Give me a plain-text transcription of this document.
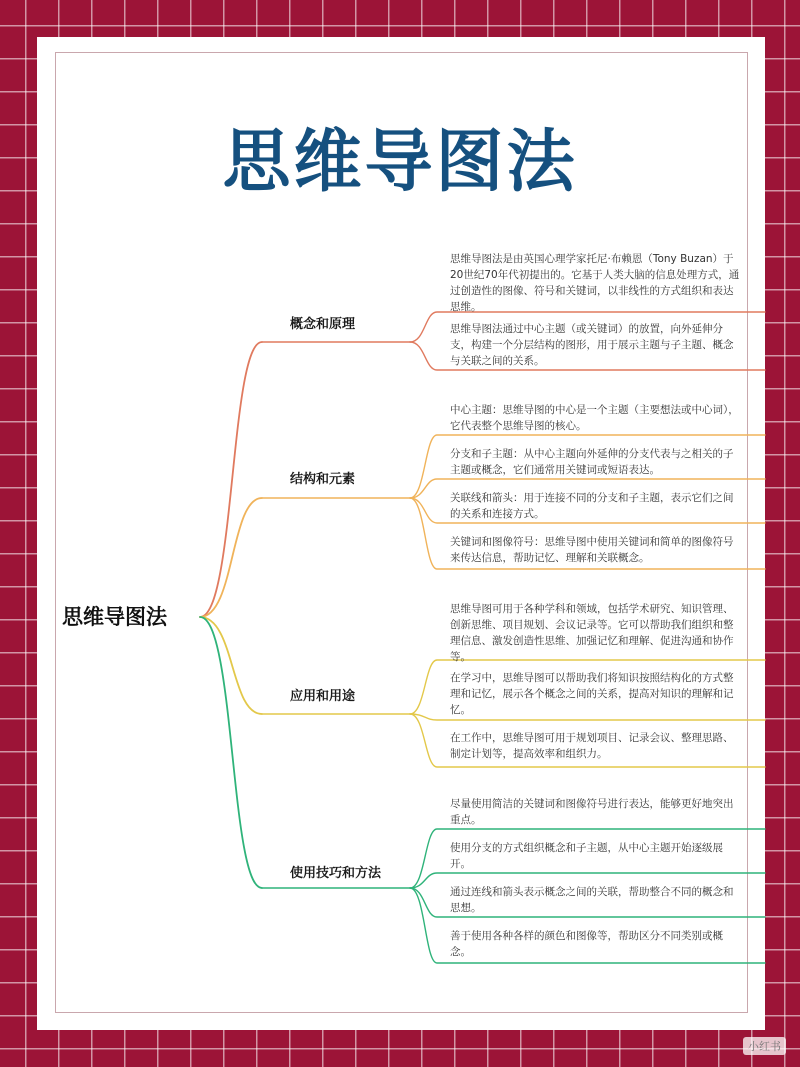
思维导图法
思维导图法
概念和原理
结构和元素
应用和用途
使用技巧和方法
思维导图法是由英国心理学家托尼·布赖恩（Tony Buzan）于20世纪70年代初提出的。它基于人类大脑的信息处理方式，通过创造性的图像、符号和关键词，以非线性的方式组织和表达思维。
思维导图法通过中心主题（或关键词）的放置，向外延伸分支，构建一个分层结构的图形，用于展示主题与子主题、概念与关联之间的关系。
中心主题：思维导图的中心是一个主题（主要想法或中心词），它代表整个思维导图的核心。
分支和子主题：从中心主题向外延伸的分支代表与之相关的子主题或概念，它们通常用关键词或短语表达。
关联线和箭头：用于连接不同的分支和子主题，表示它们之间的关系和连接方式。
关键词和图像符号：思维导图中使用关键词和简单的图像符号来传达信息，帮助记忆、理解和关联概念。
思维导图可用于各种学科和领域，包括学术研究、知识管理、创新思维、项目规划、会议记录等。它可以帮助我们组织和整理信息、激发创造性思维、加强记忆和理解、促进沟通和协作等。
在学习中，思维导图可以帮助我们将知识按照结构化的方式整理和记忆，展示各个概念之间的关系，提高对知识的理解和记忆。
在工作中，思维导图可用于规划项目、记录会议、整理思路、制定计划等，提高效率和组织力。
尽量使用简洁的关键词和图像符号进行表达，能够更好地突出重点。
使用分支的方式组织概念和子主题，从中心主题开始逐级展开。
通过连线和箭头表示概念之间的关联，帮助整合不同的概念和思想。
善于使用各种各样的颜色和图像等，帮助区分不同类别或概念。
小红书
